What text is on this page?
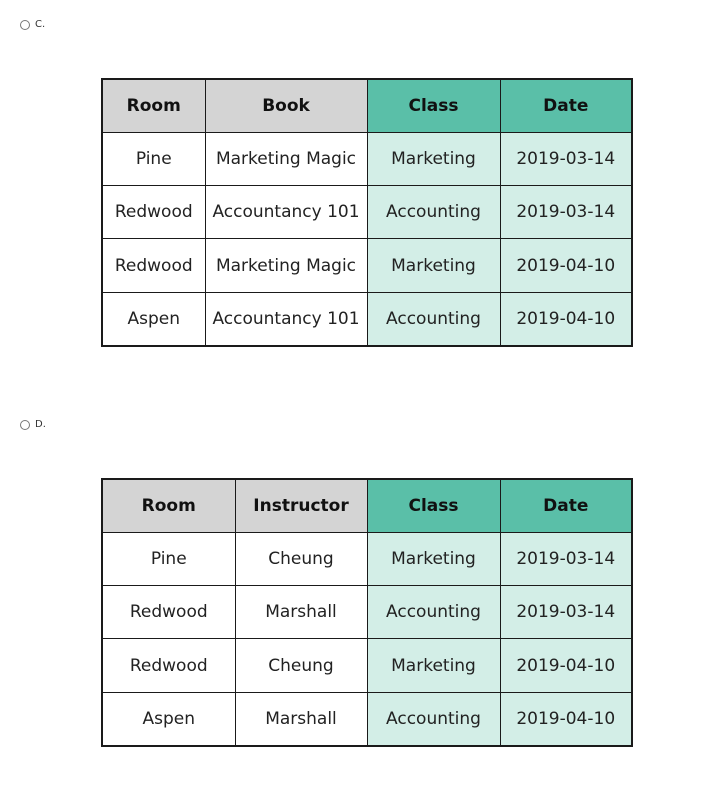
C.
Room	Book	Class	Date
Pine	Marketing Magic	Marketing	2019-03-14
Redwood	Accountancy 101	Accounting	2019-03-14
Redwood	Marketing Magic	Marketing	2019-04-10
Aspen	Accountancy 101	Accounting	2019-04-10
D.
Room	Instructor	Class	Date
Pine	Cheung	Marketing	2019-03-14
Redwood	Marshall	Accounting	2019-03-14
Redwood	Cheung	Marketing	2019-04-10
Aspen	Marshall	Accounting	2019-04-10
